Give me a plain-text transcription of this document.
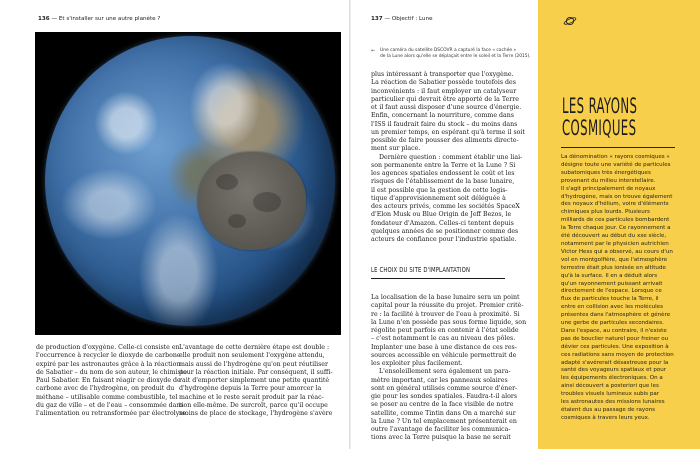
136 — Et s'installer sur une autre planète ?	137 — Objectif : Lune
← Une caméra du satellite DSCOVR a capturé la face « cachée »
de la Lune alors qu'elle se déplaçait entre le soleil et la Terre (2015).
de production d'oxygène. Celle-ci consiste en
l'occurrence à recycler le dioxyde de carbone
expiré par les astronautes grâce à la réaction
de Sabatier – du nom de son auteur, le chimiste
Paul Sabatier. En faisant réagir ce dioxyde de
carbone avec de l'hydrogène, on produit du
méthane – utilisable comme combustible, tel
du gaz de ville – et de l'eau – consommée dans
l'alimentation ou retransformée par électrolyse.
L'avantage de cette dernière étape est double :
elle produit non seulement l'oxygène attendu,
mais aussi de l'hydrogène qu'on peut réutiliser
pour la réaction initiale. Par conséquent, il suffi-
rait d'emporter simplement une petite quantité
d'hydrogène depuis la Terre pour amorcer la
machine et le reste serait produit par la réac-
tion elle-même. De surcroît, parce qu'il occupe
moins de place de stockage, l'hydrogène s'avère
plus intéressant à transporter que l'oxygène.
La réaction de Sabatier possède toutefois des
inconvénients : il faut employer un catalyseur
particulier qui devrait être apporté de la Terre
et il faut aussi disposer d'une source d'énergie.
Enfin, concernant la nourriture, comme dans
l'ISS il faudrait faire du stock – du moins dans
un premier temps, en espérant qu'à terme il soit
possible de faire pousser des aliments directe-
ment sur place.
Dernière question : comment établir une liai-
son permanente entre la Terre et la Lune ? Si
les agences spatiales endossent le coût et les
risques de l'établissement de la base lunaire,
il est possible que la gestion de cette logis-
tique d'approvisionnement soit déléguée à
des acteurs privés, comme les sociétés SpaceX
d'Elon Musk ou Blue Origin de Jeff Bezos, le
fondateur d'Amazon. Celles-ci tentent depuis
quelques années de se positionner comme des
acteurs de confiance pour l'industrie spatiale.
LE CHOIX DU SITE D'IMPLANTATION
La localisation de la base lunaire sera un point
capital pour la réussite du projet. Premier critè-
re : la facilité à trouver de l'eau à proximité. Si
la Lune n'en possède pas sous forme liquide, son
régolite peut parfois en contenir à l'état solide
– c'est notamment le cas au niveau des pôles.
Implanter une base à une distance de ces res-
sources accessible en véhicule permettrait de
les exploiter plus facilement.
L'ensoleillement sera également un para-
mètre important, car les panneaux solaires
sont en général utilisés comme source d'éner-
gie pour les sondes spatiales. Faudra-t-il alors
se poser au centre de la face visible de notre
satellite, comme Tintin dans On a marché sur
la Lune ? Un tel emplacement présenterait en
outre l'avantage de faciliter les communica-
tions avec la Terre puisque la base ne serait
LES RAYONS
COSMIQUES
La dénomination « rayons cosmiques »
désigne toute une variété de particules
subatomiques très énergétiques
provenant du milieu interstellaire.
Il s'agit principalement de noyaux
d'hydrogène, mais on trouve également
des noyaux d'hélium, voire d'éléments
chimiques plus lourds. Plusieurs
milliards de ces particules bombardent
la Terre chaque jour. Ce rayonnement a
été découvert au début du xxe siècle,
notamment par le physicien autrichien
Victor Hess qui a observé, au cours d'un
vol en montgolfière, que l'atmosphère
terrestre était plus ionisée en altitude
qu'à la surface. Il en a déduit alors
qu'un rayonnement puissant arrivait
directement de l'espace. Lorsque ce
flux de particules touche la Terre, il
entre en collision avec les molécules
présentes dans l'atmosphère et génère
une gerbe de particules secondaires.
Dans l'espace, au contraire, il n'existe
pas de bouclier naturel pour freiner ou
dévier ces particules. Une exposition à
ces radiations sans moyen de protection
adapté s'avérerait désastreuse pour la
santé des voyageurs spatiaux et pour
les équipements électroniques. On a
ainsi découvert a posteriori que les
troubles visuels lumineux subis par
les astronautes des missions lunaires
étaient dus au passage de rayons
cosmiques à travers leurs yeux.
